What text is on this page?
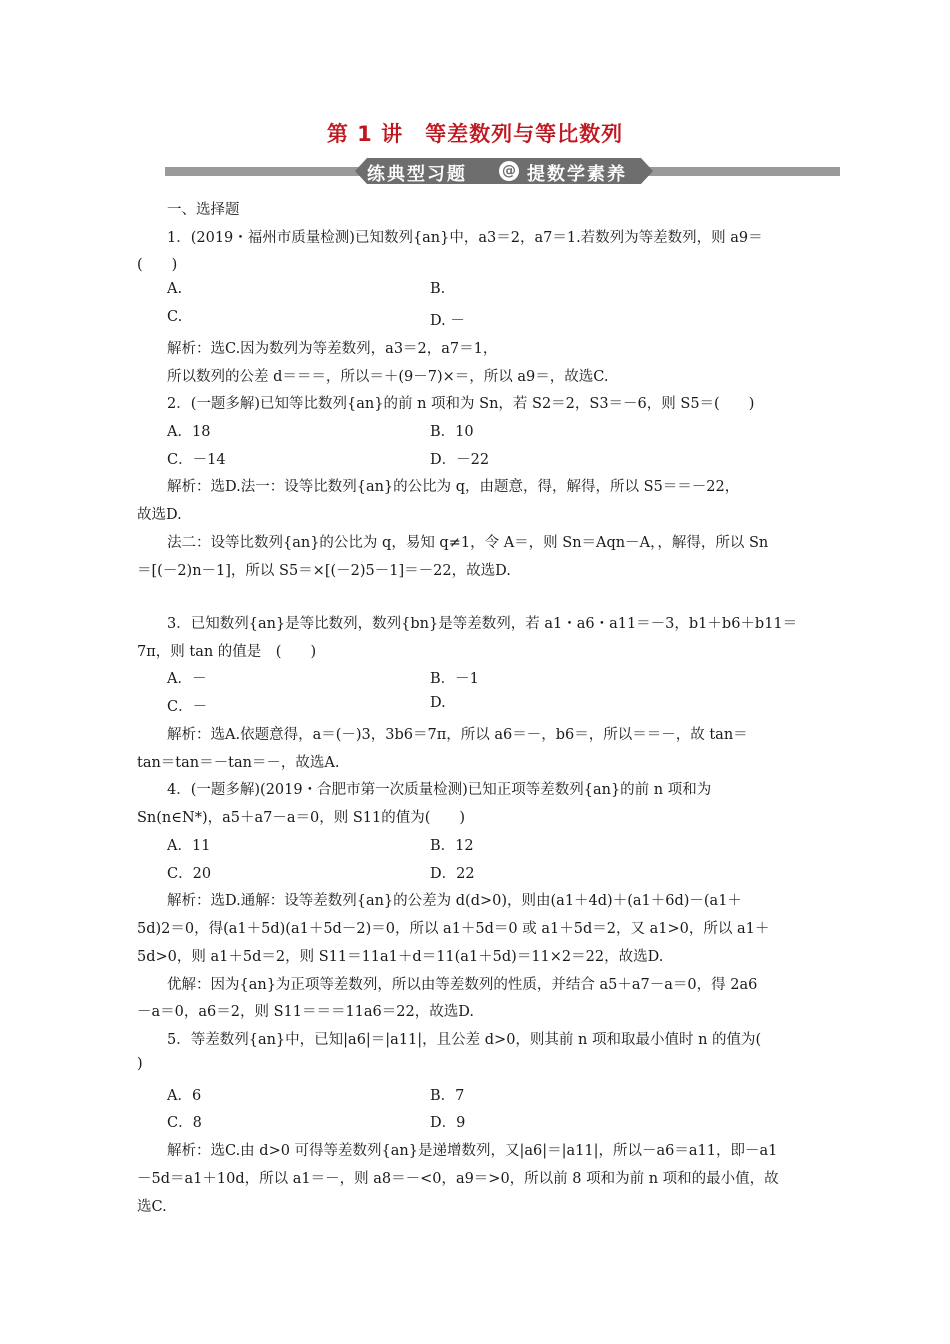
第 1 讲　等差数列与等比数列
练典型习题	@ 提数学素养
一、选择题
1．(2019・福州市质量检测)已知数列{an}中，a3＝2，a7＝1.若数列为等差数列，则 a9＝
(　　)
A.	B.
C.	D. －
解析：选C.因为数列为等差数列，a3＝2，a7＝1，
所以数列的公差 d＝＝＝，所以＝＋(9－7)×＝，所以 a9＝，故选C.
2．(一题多解)已知等比数列{an}的前 n 项和为 Sn，若 S2＝2，S3＝－6，则 S5＝(　　)
A．18	B．10
C．－14	D．－22
解析：选D.法一：设等比数列{an}的公比为 q，由题意，得，解得，所以 S5＝＝－22，
故选D.
法二：设等比数列{an}的公比为 q，易知 q≠1，令 A＝，则 Sn＝Aqn－A，，解得，所以 Sn
＝[(－2)n－1]，所以 S5＝×[(－2)5－1]＝－22，故选D.
3．已知数列{an}是等比数列，数列{bn}是等差数列，若 a1・a6・a11＝－3，b1＋b6＋b11＝
7π，则 tan 的值是　(　　)
A．－	B．－1
C．－	D.
解析：选A.依题意得，a＝(－)3，3b6＝7π，所以 a6＝－，b6＝，所以＝＝－，故 tan＝
tan＝tan＝－tan＝－，故选A.
4．(一题多解)(2019・合肥市第一次质量检测)已知正项等差数列{an}的前 n 项和为
Sn(n∈N*)，a5＋a7－a＝0，则 S11的值为(　　)
A．11	B．12
C．20	D．22
解析：选D.通解：设等差数列{an}的公差为 d(d>0)，则由(a1＋4d)＋(a1＋6d)－(a1＋
5d)2＝0，得(a1＋5d)(a1＋5d－2)＝0，所以 a1＋5d＝0 或 a1＋5d＝2，又 a1>0，所以 a1＋
5d>0，则 a1＋5d＝2，则 S11＝11a1＋d＝11(a1＋5d)＝11×2＝22，故选D.
优解：因为{an}为正项等差数列，所以由等差数列的性质，并结合 a5＋a7－a＝0，得 2a6
－a＝0，a6＝2，则 S11＝＝＝11a6＝22，故选D.
5．等差数列{an}中，已知|a6|＝|a11|，且公差 d>0，则其前 n 项和取最小值时 n 的值为(
)
A．6	B．7
C．8	D．9
解析：选C.由 d>0 可得等差数列{an}是递增数列，又|a6|＝|a11|，所以－a6＝a11，即－a1
－5d＝a1＋10d，所以 a1＝－，则 a8＝－<0，a9＝>0，所以前 8 项和为前 n 项和的最小值，故
选C.
